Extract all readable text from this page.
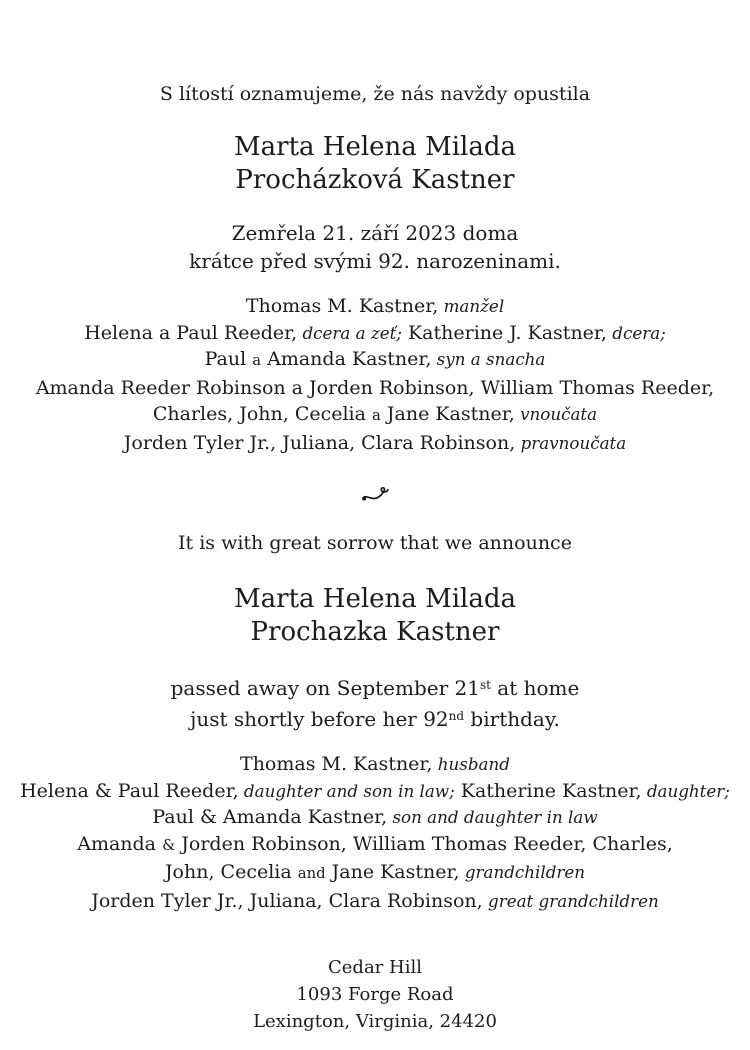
S lítostí oznamujeme, že nás navždy opustila
Marta Helena Milada
Procházková Kastner
Zemřela 21. září 2023 doma
krátce před svými 92. narozeninami.
Thomas M. Kastner, manžel
Helena a Paul Reeder, dcera a zeť; Katherine J. Kastner, dcera;
Paul a Amanda Kastner, syn a snacha
Amanda Reeder Robinson a Jorden Robinson, William Thomas Reeder,
Charles, John, Cecelia a Jane Kastner, vnoučata
Jorden Tyler Jr., Juliana, Clara Robinson, pravnoučata
It is with great sorrow that we announce
Marta Helena Milada
Prochazka Kastner
passed away on September 21st at home
just shortly before her 92nd birthday.
Thomas M. Kastner, husband
Helena & Paul Reeder, daughter and son in law; Katherine Kastner, daughter;
Paul & Amanda Kastner, son and daughter in law
Amanda & Jorden Robinson, William Thomas Reeder, Charles,
John, Cecelia and Jane Kastner, grandchildren
Jorden Tyler Jr., Juliana, Clara Robinson, great grandchildren
Cedar Hill
1093 Forge Road
Lexington, Virginia, 24420
